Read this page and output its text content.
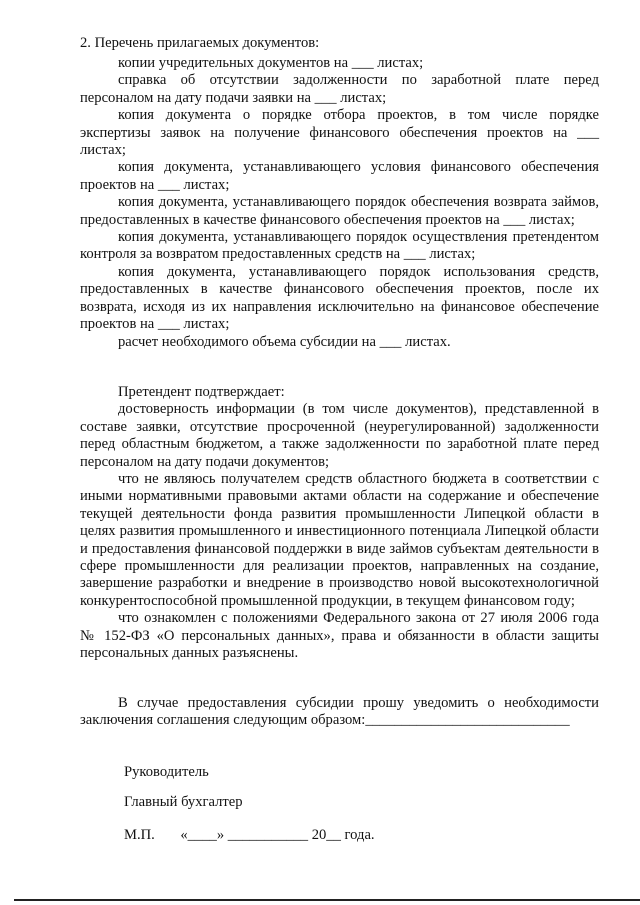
2. Перечень прилагаемых документов:

копии учредительных документов на ___ листах;

справка об отсутствии задолженности по заработной плате перед персоналом на дату подачи заявки на ___ листах;

копия документа о порядке отбора проектов, в том числе порядке экспертизы заявок на получение финансового обеспечения проектов на ___ листах;

копия документа, устанавливающего условия финансового обеспечения проектов на ___ листах;

копия документа, устанавливающего порядок обеспечения возврата займов, предоставленных в качестве финансового обеспечения проектов на ___ листах;

копия документа, устанавливающего порядок осуществления претендентом контроля за возвратом предоставленных средств на ___ листах;

копия документа, устанавливающего порядок использования средств, предоставленных в качестве финансового обеспечения проектов, после их возврата, исходя из их направления исключительно на финансовое обеспечение проектов на ___ листах;

расчет необходимого объема субсидии на ___ листах.

Претендент подтверждает:

достоверность информации (в том числе документов), представленной в составе заявки, отсутствие просроченной (неурегулированной) задолженности перед областным бюджетом, а также задолженности по заработной плате перед персоналом на дату подачи документов;

что не являюсь получателем средств областного бюджета в соответствии с иными нормативными правовыми актами области на содержание и обеспечение текущей деятельности фонда развития промышленности Липецкой области в целях развития промышленного и инвестиционного потенциала Липецкой области и предоставления финансовой поддержки в виде займов субъектам деятельности в сфере промышленности для реализации проектов, направленных на создание, завершение разработки и внедрение в производство новой высокотехнологичной конкурентоспособной промышленной продукции, в текущем финансовом году;

что ознакомлен с положениями Федерального закона от 27 июля 2006 года № 152-ФЗ «О персональных данных», права и обязанности в области защиты персональных данных разъяснены.

В случае предоставления субсидии прошу уведомить о необходимости заключения соглашения следующим образом:____________________________

Руководитель
Главный бухгалтер
М.П.       «____» ___________ 20__ года.
